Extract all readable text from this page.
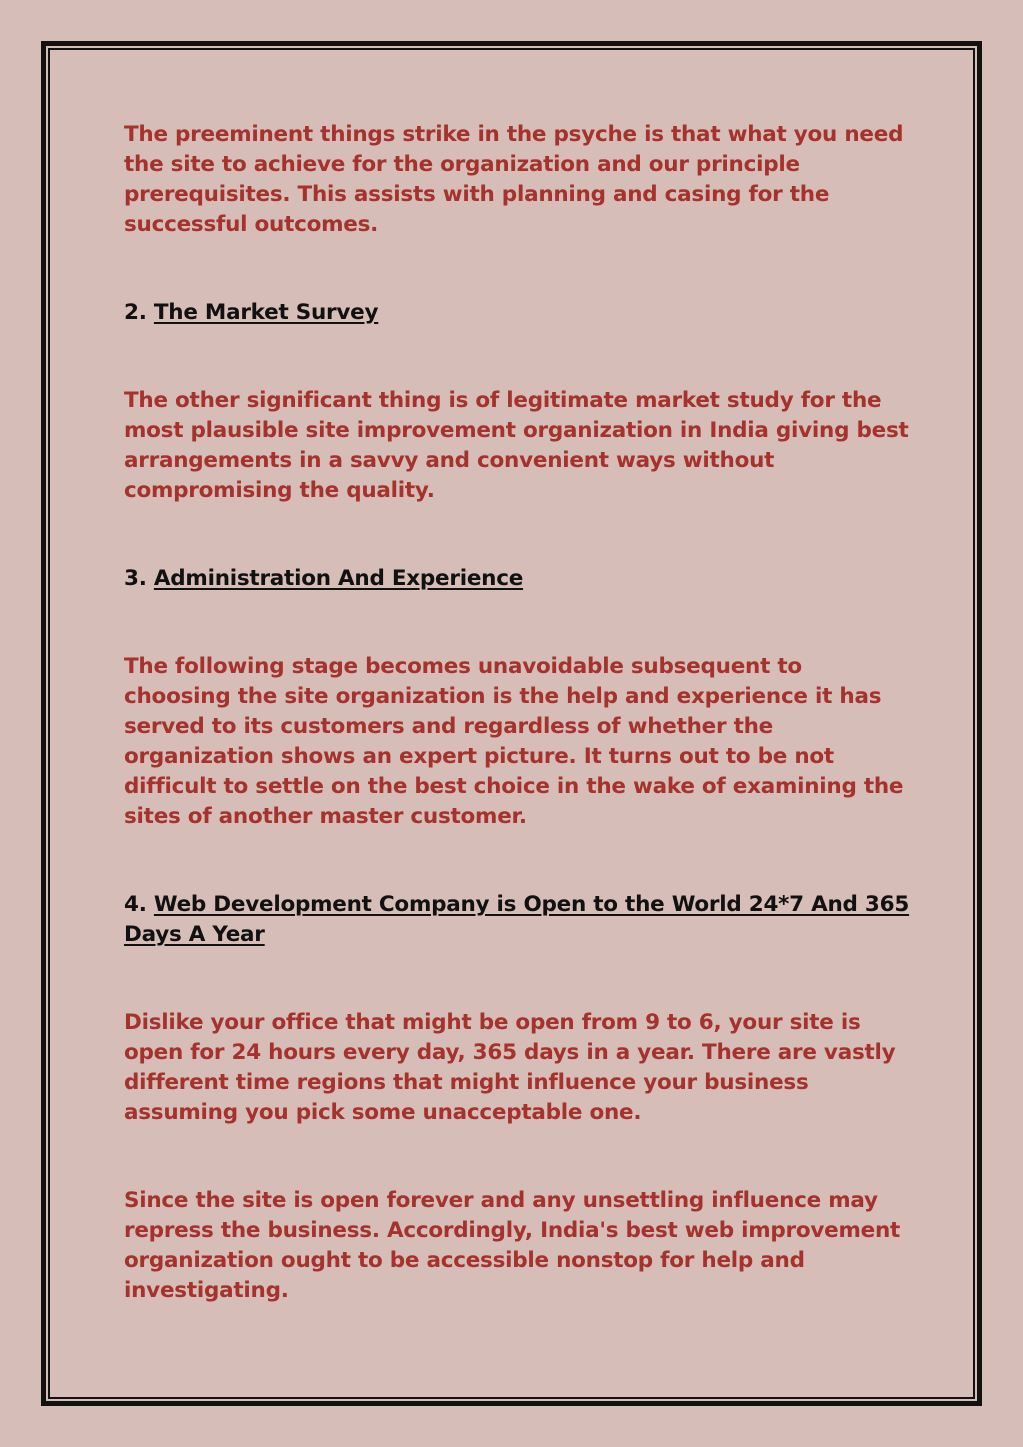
The preeminent things strike in the psyche is that what you need the site to achieve for the organization and our principle prerequisites. This assists with planning and casing for the successful outcomes.

2. The Market Survey

The other significant thing is of legitimate market study for the most plausible site improvement organization in India giving best arrangements in a savvy and convenient ways without compromising the quality.

3. Administration And Experience

The following stage becomes unavoidable subsequent to choosing the site organization is the help and experience it has served to its customers and regardless of whether the organization shows an expert picture. It turns out to be not difficult to settle on the best choice in the wake of examining the sites of another master customer.

4. Web Development Company is Open to the World 24*7 And 365 Days A Year

Dislike your office that might be open from 9 to 6, your site is open for 24 hours every day, 365 days in a year. There are vastly different time regions that might influence your business assuming you pick some unacceptable one.

Since the site is open forever and any unsettling influence may repress the business. Accordingly, India's best web improvement organization ought to be accessible nonstop for help and investigating.
